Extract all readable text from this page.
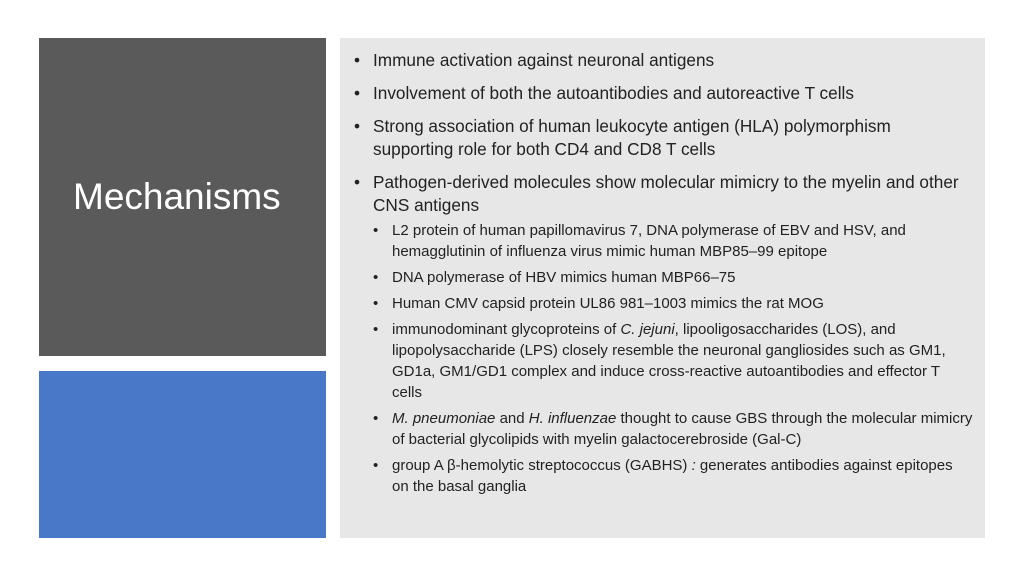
Mechanisms
• Immune activation against neuronal antigens
• Involvement of both the autoantibodies and autoreactive T cells
• Strong association of human leukocyte antigen (HLA) polymorphism supporting role for both CD4 and CD8 T cells
• Pathogen-derived molecules show molecular mimicry to the myelin and other CNS antigens
• L2 protein of human papillomavirus 7, DNA polymerase of EBV and HSV, and hemagglutinin of influenza virus mimic human MBP85–99 epitope
• DNA polymerase of HBV mimics human MBP66–75
• Human CMV capsid protein UL86 981–1003 mimics the rat MOG
• immunodominant glycoproteins of C. jejuni, lipooligosaccharides (LOS), and lipopolysaccharide (LPS) closely resemble the neuronal gangliosides such as GM1, GD1a, GM1/GD1 complex and induce cross-reactive autoantibodies and effector T cells
• M. pneumoniae and H. influenzae thought to cause GBS through the molecular mimicry of bacterial glycolipids with myelin galactocerebroside (Gal-C)
• group A β-hemolytic streptococcus (GABHS) : generates antibodies against epitopes on the basal ganglia
